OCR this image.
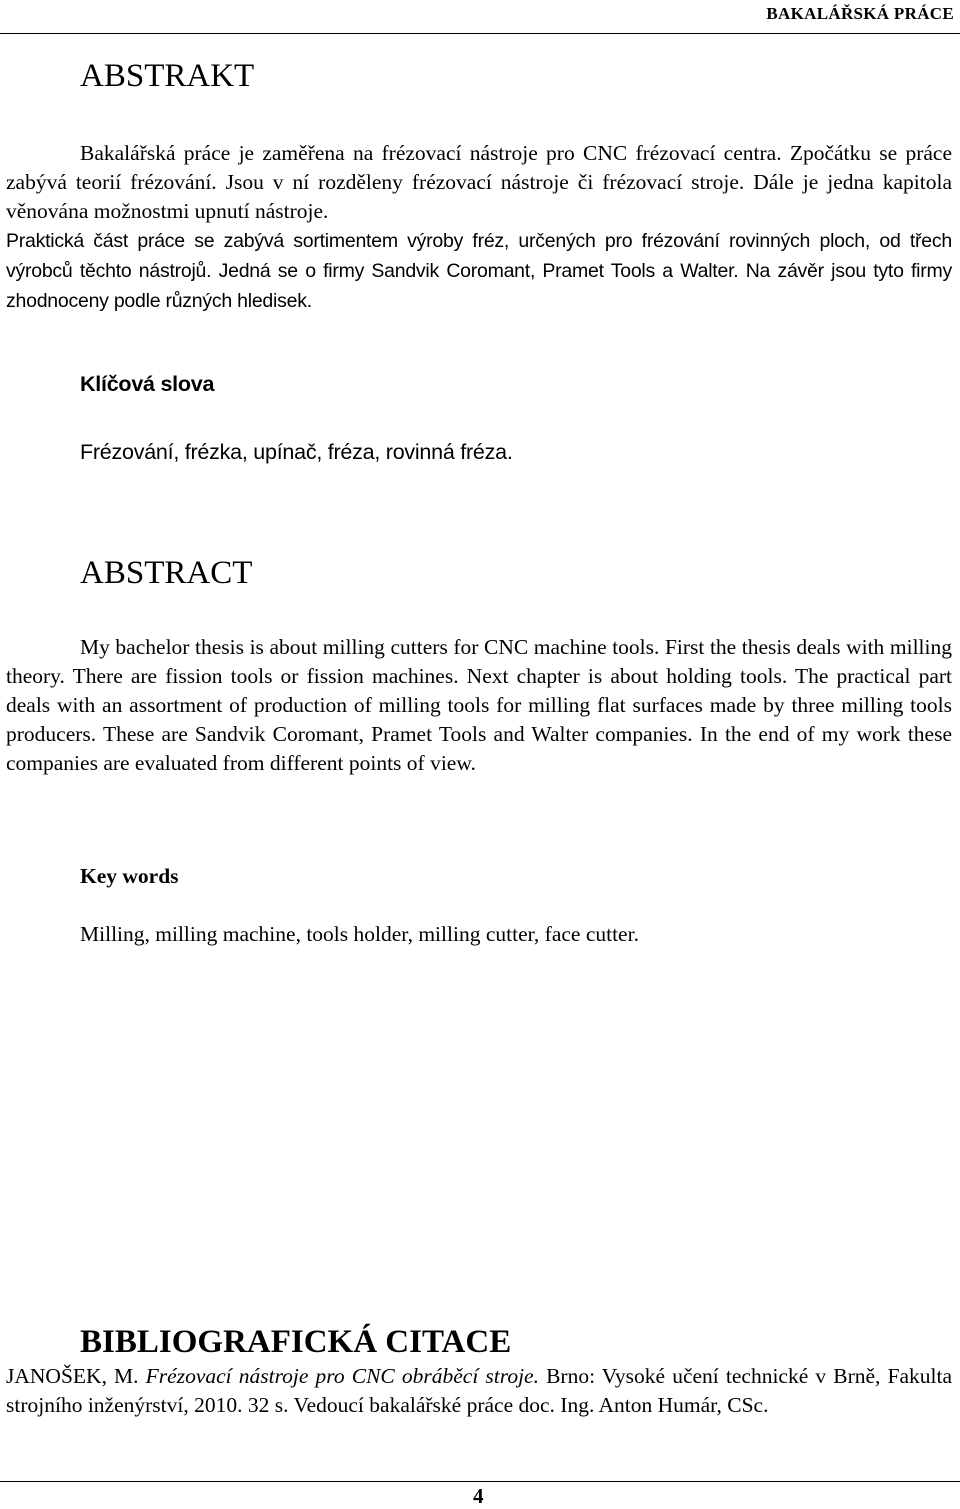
BAKALÁŘSKÁ PRÁCE
ABSTRAKT
Bakalářská práce je zaměřena na frézovací nástroje pro CNC frézovací centra. Zpočátku se práce zabývá teorií frézování. Jsou v ní rozděleny frézovací nástroje či frézovací stroje. Dále je jedna kapitola věnována možnostmi upnutí nástroje.
Praktická část práce se zabývá sortimentem výroby fréz, určených pro frézování rovinných ploch, od třech výrobců těchto nástrojů. Jedná se o firmy Sandvik Coromant, Pramet Tools a Walter. Na závěr jsou tyto firmy zhodnoceny podle různých hledisek.
Klíčová slova
Frézování, frézka, upínač, fréza, rovinná fréza.
ABSTRACT
My bachelor thesis is about milling cutters for CNC machine tools. First the thesis deals with milling theory. There are fission tools or fission machines. Next chapter is about holding tools. The practical part deals with an assortment of production of milling tools for milling flat surfaces made by three milling tools producers. These are Sandvik Coromant, Pramet Tools and Walter companies. In the end of my work these companies are evaluated from different points of view.
Key words
Milling, milling machine, tools holder, milling cutter, face cutter.
BIBLIOGRAFICKÁ CITACE
JANOŠEK, M. Frézovací nástroje pro CNC obráběcí stroje. Brno: Vysoké učení technické v Brně, Fakulta strojního inženýrství, 2010. 32 s. Vedoucí bakalářské práce doc. Ing. Anton Humár, CSc.
4
